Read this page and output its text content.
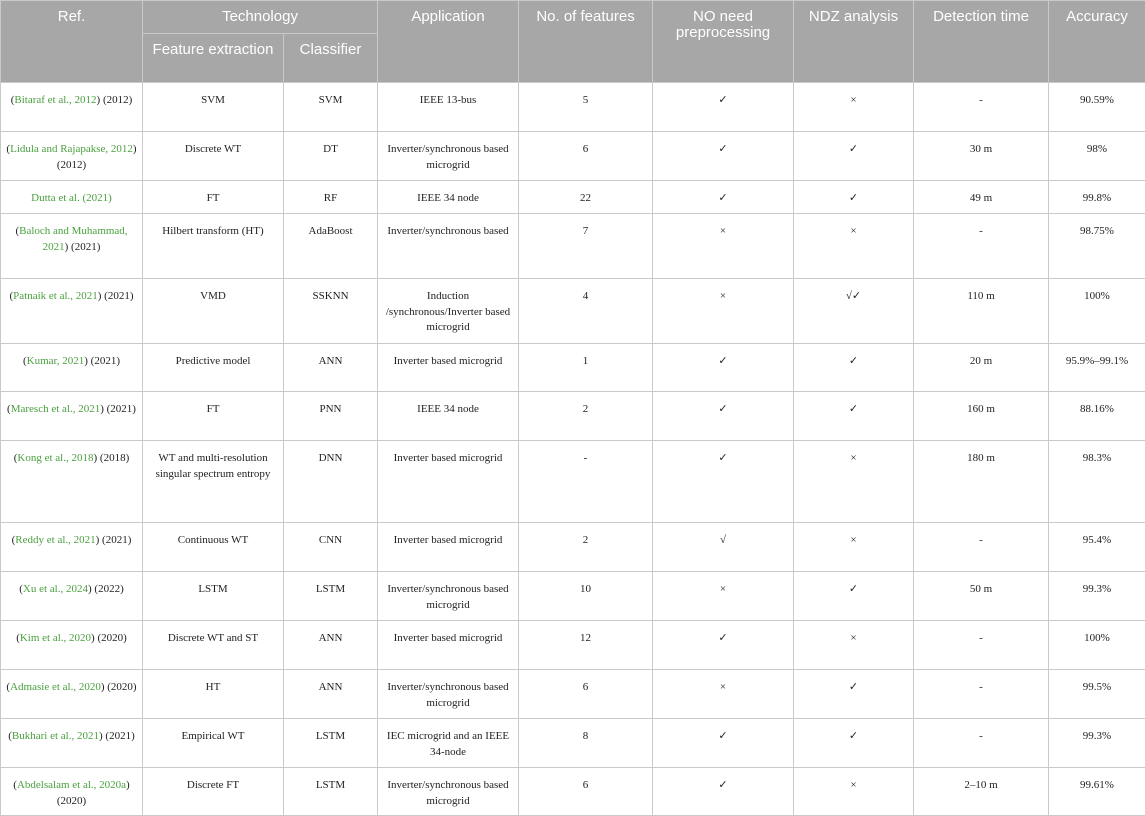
Ref.	Technology		Application	No. of features	NO need preprocessing	NDZ analysis	Detection time	Accuracy

	Feature extraction	Classifier						

(Bitaraf et al., 2012) (2012)	SVM	SVM	IEEE 13-bus	5	✓	×	-	90.59%

(Lidula and Rajapakse, 2012) (2012)	Discrete WT	DT	Inverter/synchronous based microgrid	6	✓	✓	30 m	98%

Dutta et al. (2021)	FT	RF	IEEE 34 node	22	✓	✓	49 m	99.8%

(Baloch and Muhammad, 2021) (2021)	Hilbert transform (HT)	AdaBoost	Inverter/synchronous based	7	×	×	-	98.75%

(Patnaik et al., 2021) (2021)	VMD	SSKNN	Induction /synchronous/Inverter based microgrid	4	×	√✓	110 m	100%

(Kumar, 2021) (2021)	Predictive model	ANN	Inverter based microgrid	1	✓	✓	20 m	95.9%–99.1%

(Maresch et al., 2021) (2021)	FT	PNN	IEEE 34 node	2	✓	✓	160 m	88.16%

(Kong et al., 2018) (2018)	WT and multi-resolution singular spectrum entropy	DNN	Inverter based microgrid	-	✓	×	180 m	98.3%

(Reddy et al., 2021) (2021)	Continuous WT	CNN	Inverter based microgrid	2	√	×	-	95.4%

(Xu et al., 2024) (2022)	LSTM	LSTM	Inverter/synchronous based microgrid	10	×	✓	50 m	99.3%

(Kim et al., 2020) (2020)	Discrete WT and ST	ANN	Inverter based microgrid	12	✓	×	-	100%

(Admasie et al., 2020) (2020)	HT	ANN	Inverter/synchronous based microgrid	6	×	✓	-	99.5%

(Bukhari et al., 2021) (2021)	Empirical WT	LSTM	IEC microgrid and an IEEE 34-node	8	✓	✓	-	99.3%

(Abdelsalam et al., 2020a) (2020)	Discrete FT	LSTM	Inverter/synchronous based microgrid	6	✓	×	2–10 m	99.61%
